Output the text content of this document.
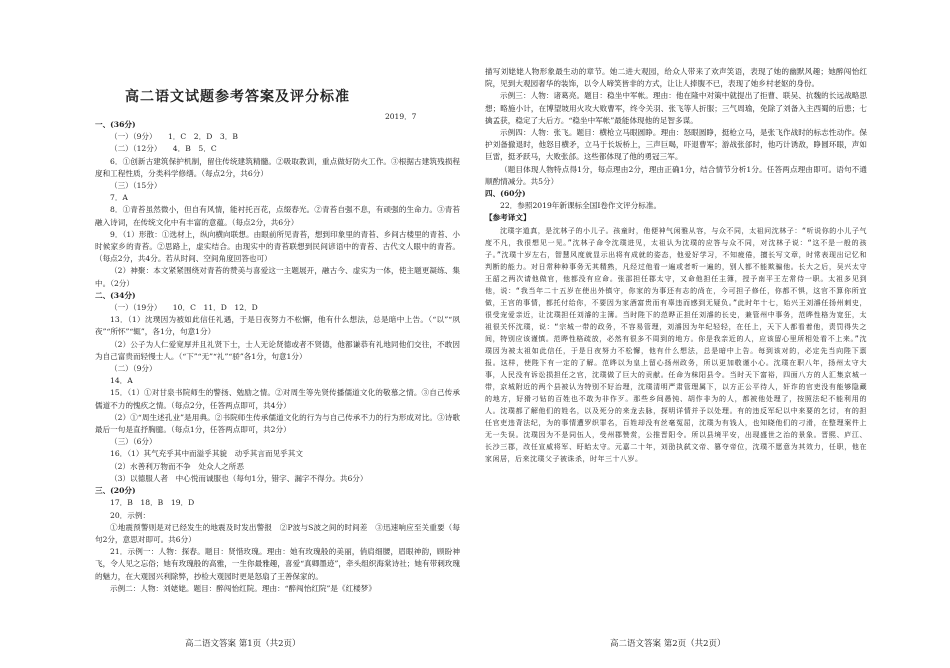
高二语文试题参考答案及评分标准
2019．7

一、(36分)

（一）（9分）　　1．C　2．D　3．B

（二）（12分）　　4．B　5．C

6．①创新古建筑保护机制，留住传统建筑精髓。②吸取教训，重点做好防火工作。③根据古建筑残损程度和工程性质，分类科学修缮。（每点2分，共6分）

（三）（15分）

7．A

8．①青苔虽然微小，但自有风情，能衬托百花，点缀春光。②青苔自强不息，有顽强的生命力。③青苔融入诗词，在传统文化中有丰富的意蕴。（每点2分，共6分）

9．（1）形散：①选材上，纵向横向联想。由眼前所见青苔，想到印象里的青苔、乡间古楼里的青苔、小时候家乡的青苔。②思路上，虚实结合。由现实中的青苔联想到民间谚语中的青苔、古代文人眼中的青苔。（每点2分，共4分。若从时间、空间角度回答也可）

（2）神聚：本文紧紧围绕对青苔的赞美与喜爱这一主题展开，融古今、虚实为一体，使主题更凝练、集中。（2分）

二、(34分)

（一）（19分）　　10．C　11．D　12．D

13．（1）沈璞因为被如此信任礼遇，于是日夜努力不松懈，他有什么想法，总是暗中上告。（“以”“夙夜”“所怀”“辄”，各1分，句意1分）

（2）公子为人仁爱宽厚并且礼贤下士，士人无论贤德或者不贤德，他都谦恭有礼地同他们交往，不敢因为自己富贵而轻慢士人。（“下”“无”“礼”“骄”各1分，句意1分）

（二）（9分）

14．A

15．（1）①对甘泉书院师生的警扬、勉励之情。②对周生等先贤传播儒道文化的敬慕之情。③自己传承儒道不力的愧疚之情。（每点2分，任答两点即可，共4分）

（2）①“周生述孔业”是用典。②书院师生传承儒道文化的行为与自己传承不力的行为形成对比。③诗歌最后一句是直抒胸臆。（每点1分，任答两点即可，共2分）

（三）（6分）

16．（1）其气充乎其中而溢乎其貌　动乎其言而见乎其文

（2）水善利万物而不争　处众人之所恶

（3）以德服人者　中心悦而诚服也（每句1分，错字、漏字不得分。共6分）

三、(20分)

17．B　18．B　19．D

20．示例：

①地震预警则是对已经发生的地震及时发出警报　②P波与S波之间的时间差　③迅速响应至关重要（每句2分，意思对即可。共6分）

21．示例一：人物：探春。题目：贤惜玫瑰。理由：她有玫瑰般的美丽，俏肩细腰，眉眼神韵，顾盼神飞，令人见之忘俗；她有玫瑰般的高雅，一生你最雅趣，喜爱“真卿墨迹”，牵头组织海棠诗社；她有带刺玫瑰的魅力，在大观园兴利除弊，抄检大观园时更是怒扇了王善保家的。

示例二：人物：刘姥姥。题目：醉闯怡红院。理由：“醉闯怡红院”是《红楼梦》

高二语文答案 第1页（共2页）

描写刘姥姥人物形象最生动的章节。她二进大观园，给众人带来了欢声笑语，表现了她的幽默风趣；她醉闯怡红院，见到大观园奢华的装饰，以令人啼笑皆非的方式，让让人捧腹不已，表现了她乡村老妪的身份。

示例三：人物：诸葛亮。题目：稳坐中军帐。理由：他在隆中对策中就提出了拒曹、联吴、抗魏的长远战略思想；略施小计，在博望坡用火攻大败曹军，终令关羽、张飞等人折服；三气周瑜，免除了刘备入主西蜀的后患；七擒孟获，稳定了大后方。“稳坐中军帐”最能体现他的足智多谋。

示例四：人物：张飞。题目：横枪立马眼圆睁。理由：怒眼圆睁，挺枪立马，是张飞作战时的标志性动作。保护刘备撤退时，他怒目横矛，立马于长坂桥上，三声巨喝，吓退曹军；游战张郃时，他巧计诱敌，睁圆环眼，声如巨雷，挺矛跃马，大败张郃。这些都体现了他的勇冠三军。

（题目体现人物特点得1分，每点理由2分，理由正确1分，结合情节分析1分。任答两点理由即可。语句不通顺酌情减分。共5分）

四、(60分)

22．参照2019年新课标全国Ⅰ卷作文评分标准。

【参考译文】

沈璞字道真，是沈林子的小儿子。孩童时，他便神气闲雅从容，与众不同，太祖问沈林子：“听说你的小儿子气度不凡，我很想见一见。”沈林子命令沈璞进见，太祖认为沈璞的应答与众不同，对沈林子说：“这不是一般的孩子。”沈璞十岁左右，智慧风度就显示出将有成就的姿态，他爱好学习，不知疲倦，擅长写文章，时常表现出记忆和判断的能力。对日常种种事务无其精熟，凡经过他看一遍或者听一遍的，别人都不能欺骗他。长大之后，吴兴太守王韶之两次请他做官，他都没有应命。张邵担任郡太守，又命他担任主簿，授予南平王左常侍一职。太祖多见到他，说：“我当年二十五岁在使出外镇守，你家的为事还有志的尚在，今可担子修任，你都不惧，这官不算你所宜做，王宫的事情，都托付给你，不要因为家酒富贵而有辜违而感到无疑负。”此时年十七，始兴王刘濬任扬州刺史，很受宠爱亲近，让沈璞担任刘濬的主簿。当时陛下的范晔正担任刘濬的长史，兼管州中事务，范晔性格为宽狂，太祖很关怀沈璞，说：“宗城一带的政务，不容易管理，刘濬因为年纪轻轻，在任上，天下人都看着他，责罚得失之间，特别应该谨慎。范晔性格疏放，必然有很多不周到的地方。你是我亲近的人，应该留心里所相处看不上来。”沈璞因为被太祖如此信任，于是日夜努力不松懈，他有什么想法，总是暗中上告。每到该对的，必定先当向陛下禀报。这样，使陛下有一定的了解。范晔以为皇上留心扬州政务，所以更加敬谨小心。沈璞在职八年，扬州太守大事，人民没有诉讼损担任之官，沈璞做了巨大的贡献。任命为秣阳县令。当时天下富裕，四面八方的人汇集京城一带，京城附近的两个县被认为特别不好治理，沈璞清明严肃管理属下，以方正公平待人，奸诈的官吏没有能够隐藏的地方，好猾刁钻的百姓也不敢为非作歹。那些乡间愚钝、胡作非为的人，都被他处理了，按照法纪不能利用的人。沈璞都了解他们的姓名，以及死分的来龙去脉，探明详情并予以处理。有的违反军纪以中来要的乞讨，有的担任官吏违背法纪，为的事情遭罗织罪名，百姓却没有丝毫冤屈，沈璞为有钱人，也知晓他们的刁滑，在整理案件上无一失误。沈璞因为不是同伍人，受州郡赞赏，公推晋阳令。所以县境平安，出现盛世之治的景象。晋熙、庐江、长沙三郡，改任宣威将军、盱眙太守。元嘉二十年，刘劭执弑文帝、篡夺帝位，沈璞不愿意为其效力，任职，他在家闲居，后来沈璞父子被诛杀，时年三十八岁。

高二语文答案 第2页（共2页）
